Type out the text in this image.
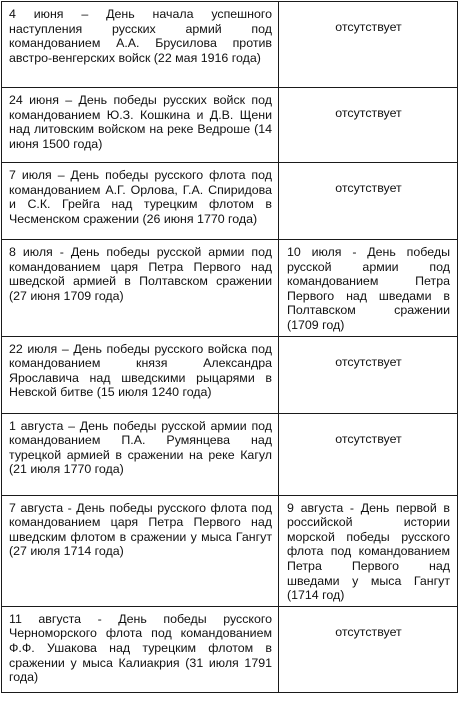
4 июня – День начала успешного наступления русских армий под командованием А.А. Брусилова против австро-венгерских войск (22 мая 1916 года)	отсутствует

24 июня – День победы русских войск под командованием Ю.З. Кошкина и Д.В. Щени над литовским войском на реке Ведроше (14 июня 1500 года)	отсутствует

7 июля – День победы русского флота под командованием А.Г. Орлова, Г.А. Спиридова и С.К. Грейга над турецким флотом в Чесменском сражении (26 июня 1770 года)	отсутствует

8 июля - День победы русской армии под командованием царя Петра Первого над шведской армией в Полтавском сражении (27 июня 1709 года)	10 июля - День победы русской армии под командованием Петра Первого над шведами в Полтавском сражении (1709 год)

22 июля – День победы русского войска под командованием князя Александра Ярославича над шведскими рыцарями в Невской битве (15 июля 1240 года)	отсутствует

1 августа – День победы русской армии под командованием П.А. Румянцева над турецкой армией в сражении на реке Кагул (21 июля 1770 года)	отсутствует

7 августа - День победы русского флота под командованием царя Петра Первого над шведским флотом в сражении у мыса Гангут (27 июля 1714 года)	9 августа - День первой в российской истории морской победы русского флота под командованием Петра Первого над шведами у мыса Гангут (1714 год)

11 августа - День победы русского Черноморского флота под командованием Ф.Ф. Ушакова над турецким флотом в сражении у мыса Калиакрия (31 июля 1791 года)	отсутствует
